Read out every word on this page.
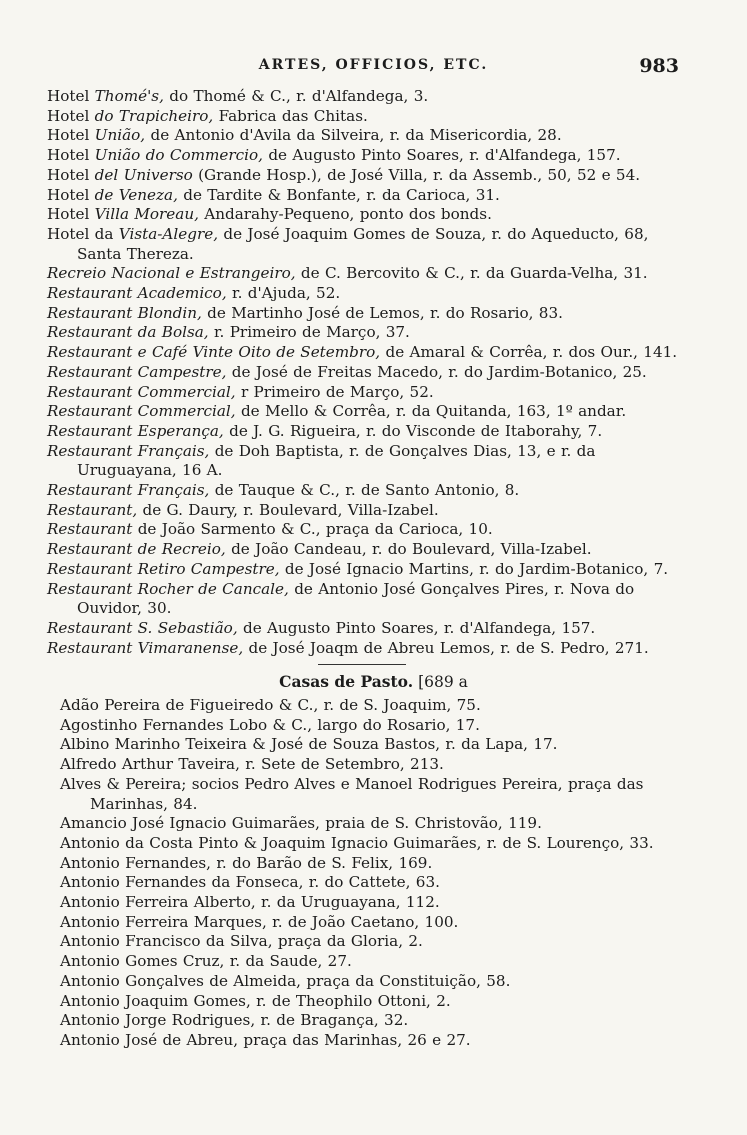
ARTES, OFFICIOS, ETC.	983
Hotel Thomé's, do Thomé & C., r. d'Alfandega, 3.
Hotel do Trapicheiro, Fabrica das Chitas.
Hotel União, de Antonio d'Avila da Silveira, r. da Misericordia, 28.
Hotel União do Commercio, de Augusto Pinto Soares, r. d'Alfandega, 157.
Hotel del Universo (Grande Hosp.), de José Villa, r. da Assemb., 50, 52 e 54.
Hotel de Veneza, de Tardite & Bonfante, r. da Carioca, 31.
Hotel Villa Moreau, Andarahy-Pequeno, ponto dos bonds.
Hotel da Vista-Alegre, de José Joaquim Gomes de Souza, r. do Aqueducto, 68, Santa Thereza.
Recreio Nacional e Estrangeiro, de C. Bercovito & C., r. da Guarda-Velha, 31.
Restaurant Academico, r. d'Ajuda, 52.
Restaurant Blondin, de Martinho José de Lemos, r. do Rosario, 83.
Restaurant da Bolsa, r. Primeiro de Março, 37.
Restaurant e Café Vinte Oito de Setembro, de Amaral & Corrêa, r. dos Our., 141.
Restaurant Campestre, de José de Freitas Macedo, r. do Jardim-Botanico, 25.
Restaurant Commercial, r Primeiro de Março, 52.
Restaurant Commercial, de Mello & Corrêa, r. da Quitanda, 163, 1º andar.
Restaurant Esperança, de J. G. Rigueira, r. do Visconde de Itaborahy, 7.
Restaurant Français, de Doh Baptista, r. de Gonçalves Dias, 13, e r. da Uruguayana, 16 A.
Restaurant Français, de Tauque & C., r. de Santo Antonio, 8.
Restaurant, de G. Daury, r. Boulevard, Villa-Izabel.
Restaurant de João Sarmento & C., praça da Carioca, 10.
Restaurant de Recreio, de João Candeau, r. do Boulevard, Villa-Izabel.
Restaurant Retiro Campestre, de José Ignacio Martins, r. do Jardim-Botanico, 7.
Restaurant Rocher de Cancale, de Antonio José Gonçalves Pires, r. Nova do Ouvidor, 30.
Restaurant S. Sebastião, de Augusto Pinto Soares, r. d'Alfandega, 157.
Restaurant Vimaranense, de José Joaqm de Abreu Lemos, r. de S. Pedro, 271.
Casas de Pasto. [689 a
Adão Pereira de Figueiredo & C., r. de S. Joaquim, 75.
Agostinho Fernandes Lobo & C., largo do Rosario, 17.
Albino Marinho Teixeira & José de Souza Bastos, r. da Lapa, 17.
Alfredo Arthur Taveira, r. Sete de Setembro, 213.
Alves & Pereira; socios Pedro Alves e Manoel Rodrigues Pereira, praça das Marinhas, 84.
Amancio José Ignacio Guimarães, praia de S. Christovão, 119.
Antonio da Costa Pinto & Joaquim Ignacio Guimarães, r. de S. Lourenço, 33.
Antonio Fernandes, r. do Barão de S. Felix, 169.
Antonio Fernandes da Fonseca, r. do Cattete, 63.
Antonio Ferreira Alberto, r. da Uruguayana, 112.
Antonio Ferreira Marques, r. de João Caetano, 100.
Antonio Francisco da Silva, praça da Gloria, 2.
Antonio Gomes Cruz, r. da Saude, 27.
Antonio Gonçalves de Almeida, praça da Constituição, 58.
Antonio Joaquim Gomes, r. de Theophilo Ottoni, 2.
Antonio Jorge Rodrigues, r. de Bragança, 32.
Antonio José de Abreu, praça das Marinhas, 26 e 27.
